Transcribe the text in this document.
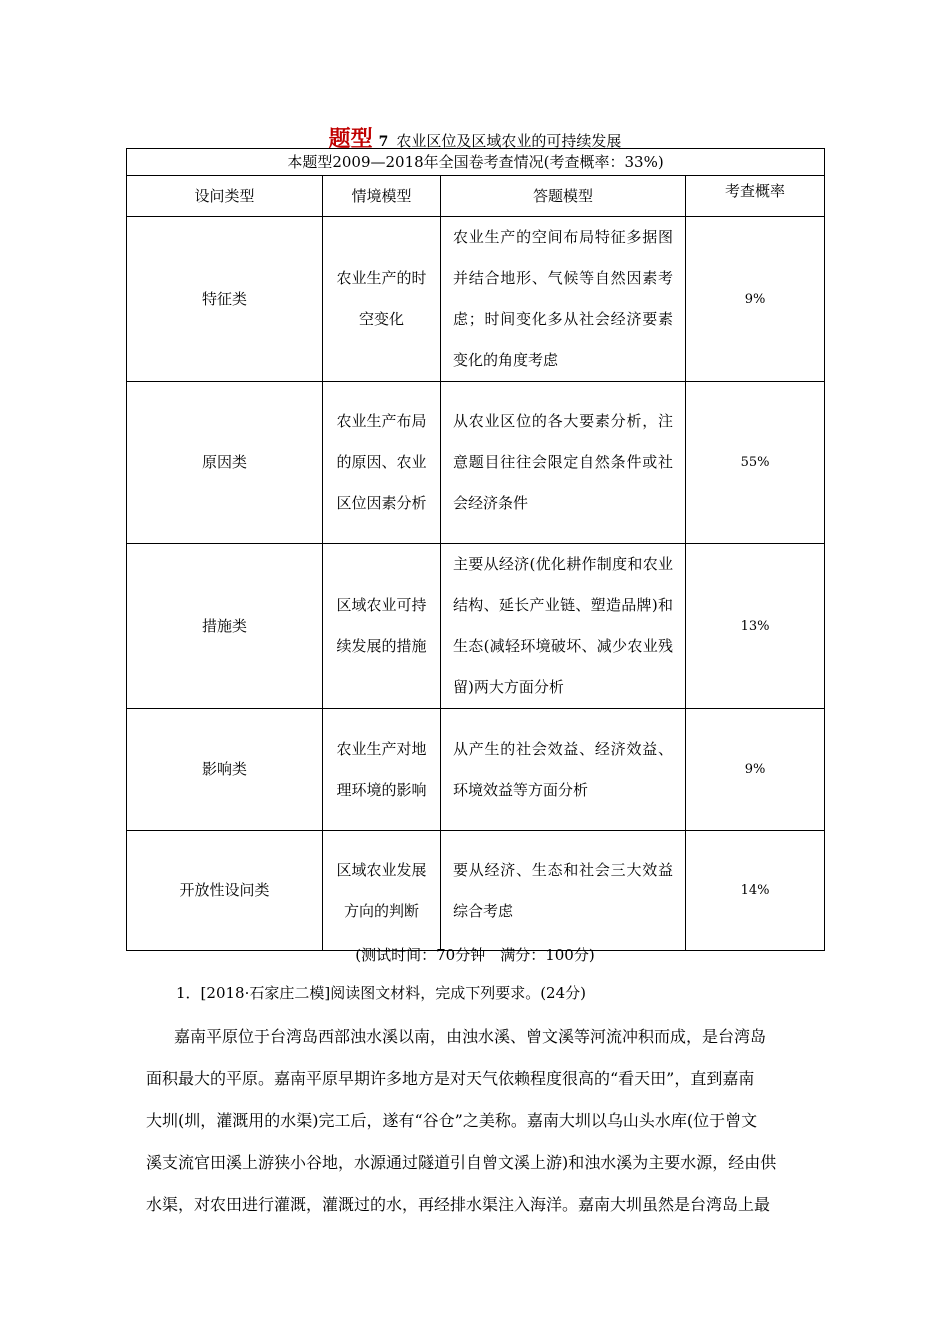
题型 7 农业区位及区域农业的可持续发展
本题型2009—2018年全国卷考查情况(考查概率：33%)			
设问类型	情境模型	答题模型	考查概率
特征类	农业生产的时空变化	农业生产的空间布局特征多据图并结合地形、气候等自然因素考虑；时间变化多从社会经济要素变化的角度考虑	9%
原因类	农业生产布局的原因、农业区位因素分析	从农业区位的各大要素分析，注意题目往往会限定自然条件或社会经济条件	55%
措施类	区域农业可持续发展的措施	主要从经济(优化耕作制度和农业结构、延长产业链、塑造品牌)和生态(减轻环境破坏、减少农业残留)两大方面分析	13%
影响类	农业生产对地理环境的影响	从产生的社会效益、经济效益、环境效益等方面分析	9%
开放性设问类	区域农业发展方向的判断	要从经济、生态和社会三大效益综合考虑	14%
(测试时间：70分钟　满分：100分)
1．[2018·石家庄二模]阅读图文材料，完成下列要求。(24分)
嘉南平原位于台湾岛西部浊水溪以南，由浊水溪、曾文溪等河流冲积而成，是台湾岛
面积最大的平原。嘉南平原早期许多地方是对天气依赖程度很高的“看天田”，直到嘉南
大圳(圳，灌溉用的水渠)完工后，遂有“谷仓”之美称。嘉南大圳以乌山头水库(位于曾文
溪支流官田溪上游狭小谷地，水源通过隧道引自曾文溪上游)和浊水溪为主要水源，经由供
水渠，对农田进行灌溉，灌溉过的水，再经排水渠注入海洋。嘉南大圳虽然是台湾岛上最
